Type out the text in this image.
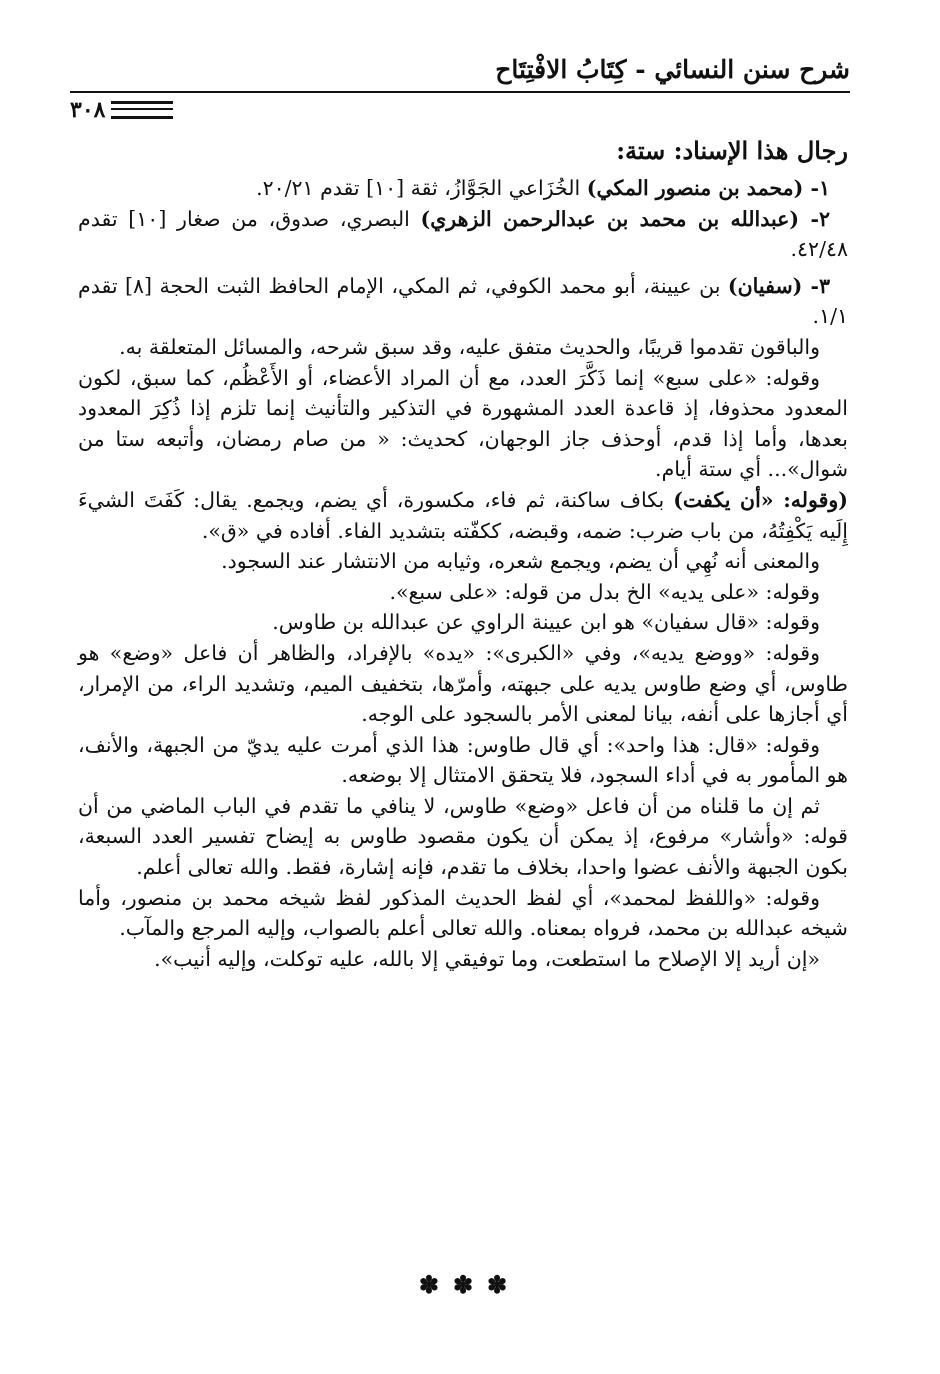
شرح سنن النسائي - كِتَابُ الافْتِتَاح
٣٠٨

رجال هذا الإسناد: ستة:

١- (محمد بن منصور المكي) الخُزَاعي الجَوَّازُ، ثقة [١٠] تقدم ٢٠/٢١.

٢- (عبدالله بن محمد بن عبدالرحمن الزهري) البصري، صدوق، من صغار [١٠] تقدم ٤٢/٤٨.

٣- (سفيان) بن عيينة، أبو محمد الكوفي، ثم المكي، الإمام الحافظ الثبت الحجة [٨] تقدم ١/١.

والباقون تقدموا قريبًا، والحديث متفق عليه، وقد سبق شرحه، والمسائل المتعلقة به.

وقوله: «على سبع» إنما ذَكَّرَ العدد، مع أن المراد الأعضاء، أو الأَعْظُم، كما سبق، لكون المعدود محذوفا، إذ قاعدة العدد المشهورة في التذكير والتأنيث إنما تلزم إذا ذُكِرَ المعدود بعدها، وأما إذا قدم، أوحذف جاز الوجهان، كحديث: « من صام رمضان، وأتبعه ستا من شوال»... أي ستة أيام.

(وقوله: «أن يكفت) بكاف ساكنة، ثم فاء، مكسورة، أي يضم، ويجمع. يقال: كَفَتَ الشيءَ إِلَيه يَكْفِتُهُ، من باب ضرب: ضمه، وقبضه، ككفّته بتشديد الفاء. أفاده في «ق».

والمعنى أنه نُهِي أن يضم، ويجمع شعره، وثيابه من الانتشار عند السجود.

وقوله: «على يديه» الخ بدل من قوله: «على سبع».

وقوله: «قال سفيان» هو ابن عيينة الراوي عن عبدالله بن طاوس.

وقوله: «ووضع يديه»، وفي «الكبرى»: «يده» بالإفراد، والظاهر أن فاعل «وضع» هو طاوس، أي وضع طاوس يديه على جبهته، وأمرّها، بتخفيف الميم، وتشديد الراء، من الإمرار، أي أجازها على أنفه، بيانا لمعنى الأمر بالسجود على الوجه.

وقوله: «قال: هذا واحد»: أي قال طاوس: هذا الذي أمرت عليه يديّ من الجبهة، والأنف، هو المأمور به في أداء السجود، فلا يتحقق الامتثال إلا بوضعه.

ثم إن ما قلناه من أن فاعل «وضع» طاوس، لا ينافي ما تقدم في الباب الماضي من أن قوله: «وأشار» مرفوع، إذ يمكن أن يكون مقصود طاوس به إيضاح تفسير العدد السبعة، بكون الجبهة والأنف عضوا واحدا، بخلاف ما تقدم، فإنه إشارة، فقط. والله تعالى أعلم.

وقوله: «واللفظ لمحمد»، أي لفظ الحديث المذكور لفظ شيخه محمد بن منصور، وأما شيخه عبدالله بن محمد، فرواه بمعناه. والله تعالى أعلم بالصواب، وإليه المرجع والمآب.

«إن أريد إلا الإصلاح ما استطعت، وما توفيقي إلا بالله، عليه توكلت، وإليه أنيب».

✽✽✽
